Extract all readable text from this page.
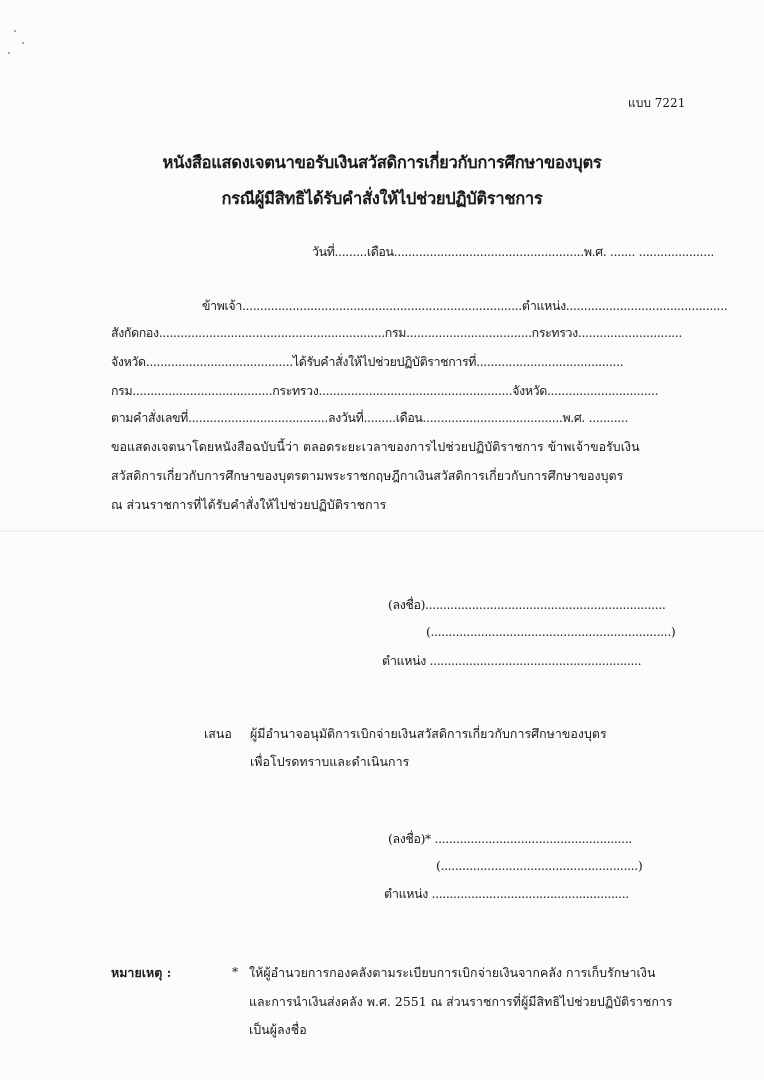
แบบ 7221
หนังสือแสดงเจตนาขอรับเงินสวัสดิการเกี่ยวกับการศึกษาของบุตร
กรณีผู้มีสิทธิได้รับคำสั่งให้ไปช่วยปฏิบัติราชการ
วันที่.........เดือน.....................................................พ.ศ. ....... .....................
ข้าพเจ้า..............................................................................ตำแหน่ง.............................................
สังกัดกอง...............................................................กรม...................................กระทรวง.............................
จังหวัด.........................................ได้รับคำสั่งให้ไปช่วยปฏิบัติราชการที่.........................................
กรม.......................................กระทรวง......................................................จังหวัด...............................
ตามคำสั่งเลขที่.......................................ลงวันที่.........เดือน.......................................พ.ศ. ...........
ขอแสดงเจตนาโดยหนังสือฉบับนี้ว่า ตลอดระยะเวลาของการไปช่วยปฏิบัติราชการ ข้าพเจ้าขอรับเงิน
สวัสดิการเกี่ยวกับการศึกษาของบุตรตามพระราชกฤษฎีกาเงินสวัสดิการเกี่ยวกับการศึกษาของบุตร
ณ ส่วนราชการที่ได้รับคำสั่งให้ไปช่วยปฏิบัติราชการ
(ลงชื่อ)...................................................................
(...................................................................)
ตำแหน่ง ...........................................................
เสนอ ผู้มีอำนาจอนุมัติการเบิกจ่ายเงินสวัสดิการเกี่ยวกับการศึกษาของบุตร
เพื่อโปรดทราบและดำเนินการ
(ลงชื่อ)* .......................................................
(.......................................................)
ตำแหน่ง .......................................................
หมายเหตุ :	* ให้ผู้อำนวยการกองคลังตามระเบียบการเบิกจ่ายเงินจากคลัง การเก็บรักษาเงิน
และการนำเงินส่งคลัง พ.ศ. 2551 ณ ส่วนราชการที่ผู้มีสิทธิไปช่วยปฏิบัติราชการ
เป็นผู้ลงชื่อ
